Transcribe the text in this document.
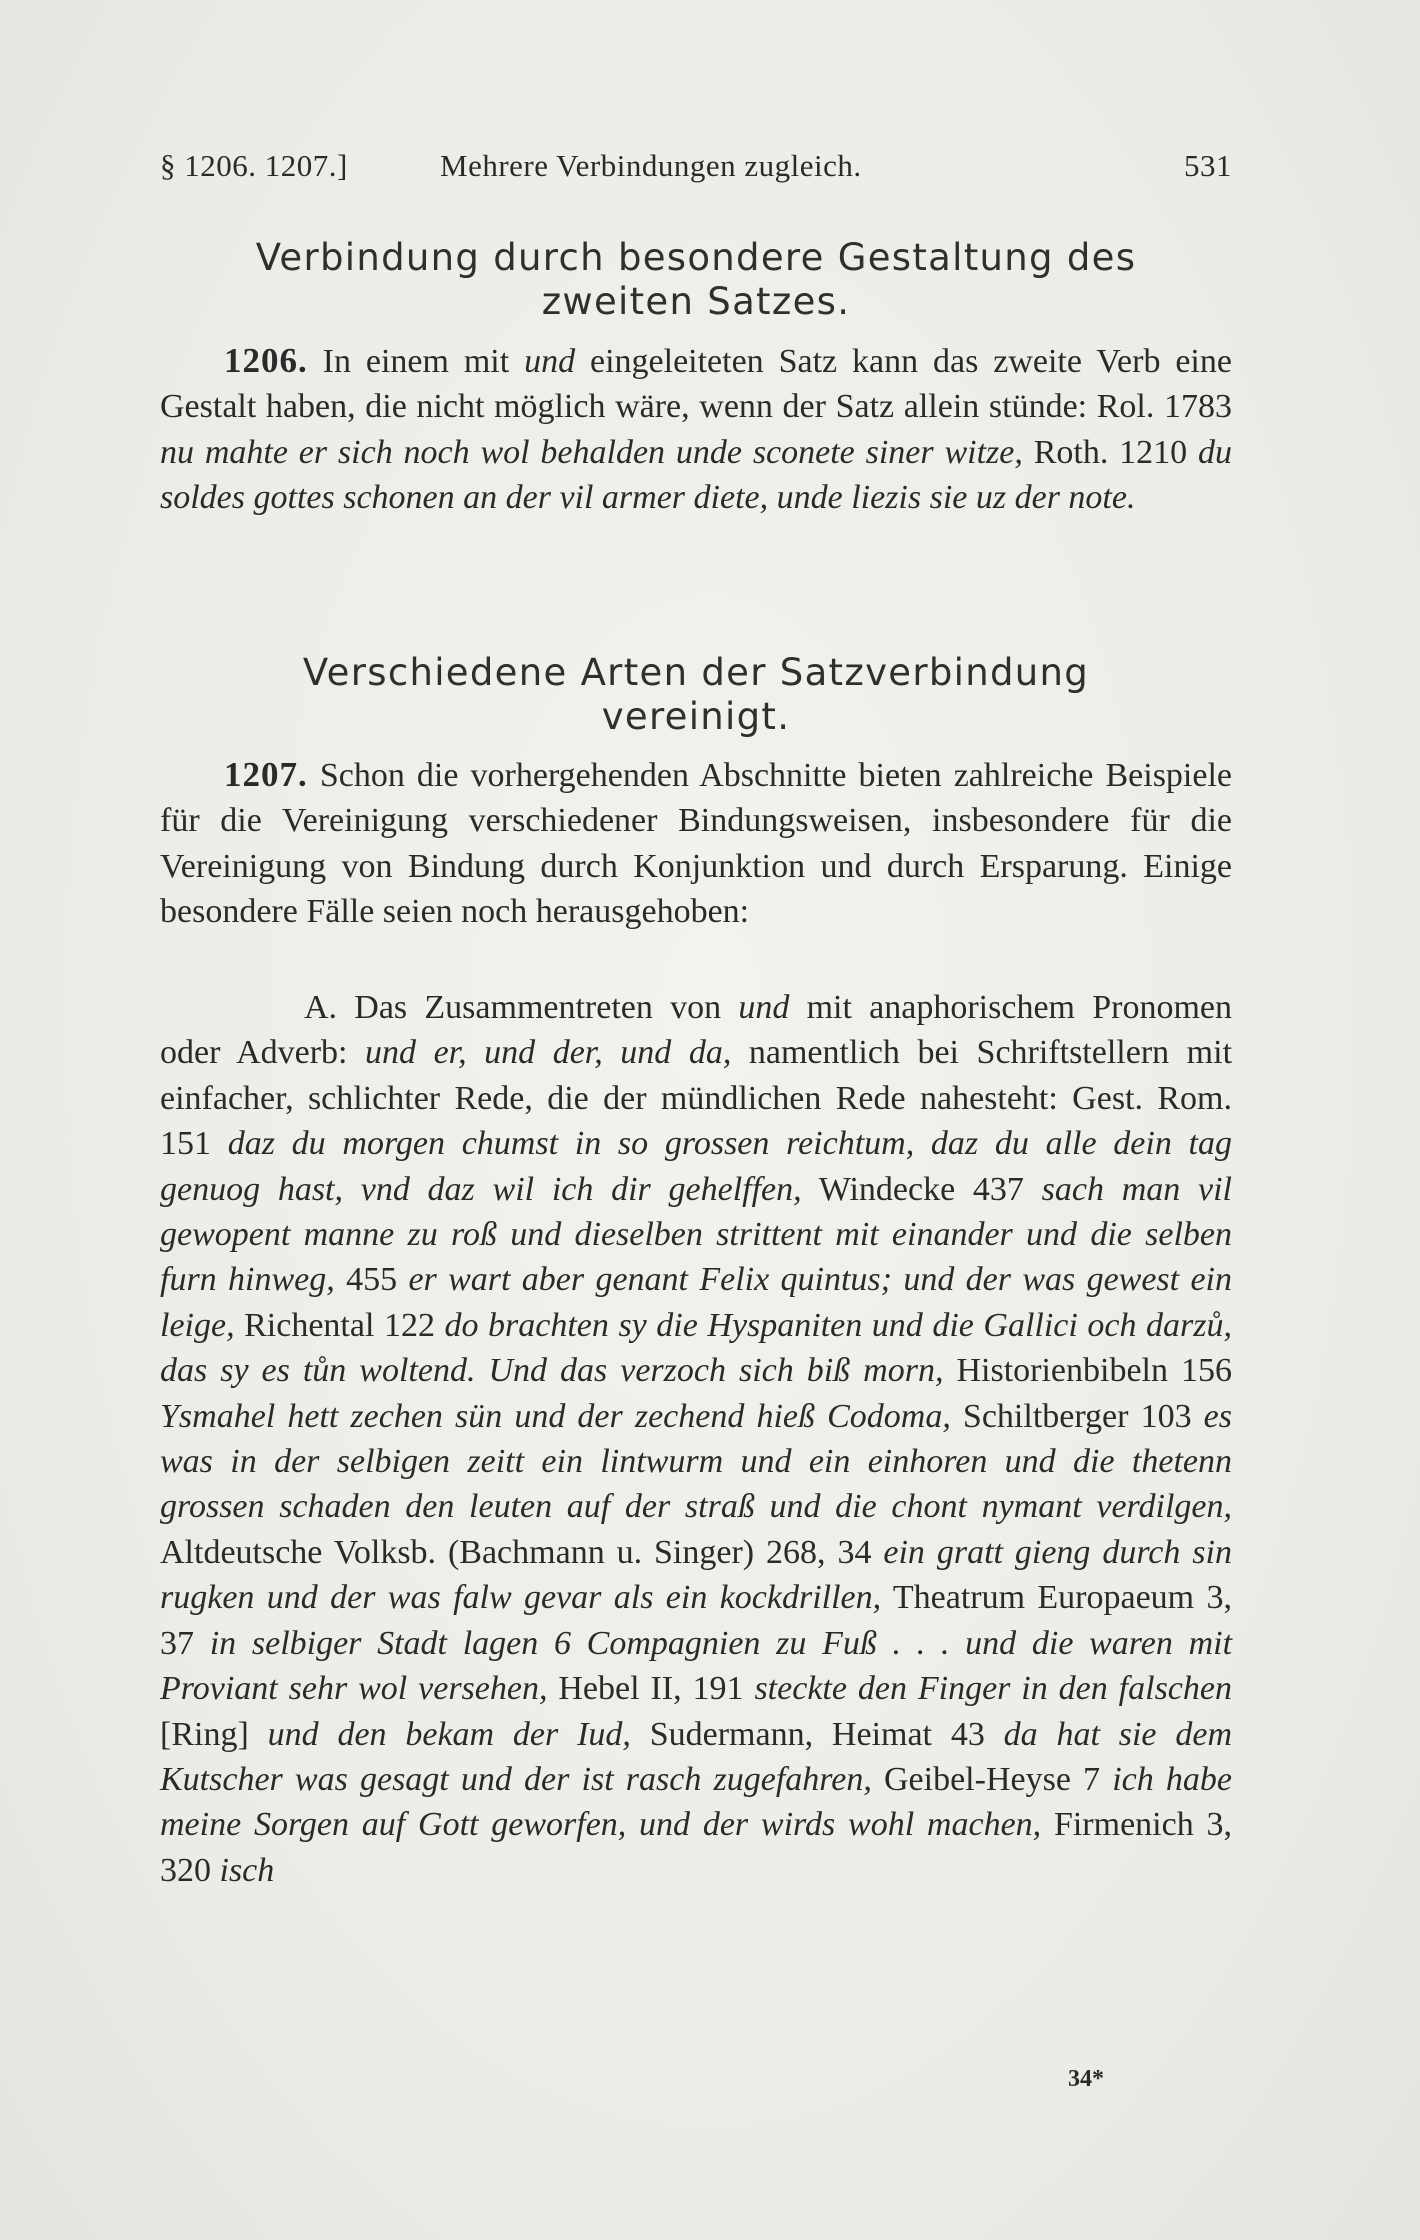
§ 1206. 1207.]	Mehrere Verbindungen zugleich.	531
Verbindung durch besondere Gestaltung des
zweiten Satzes.

1206. In einem mit und eingeleiteten Satz kann das zweite Verb eine Gestalt haben, die nicht möglich wäre, wenn der Satz allein stünde: Rol. 1783 nu mahte er sich noch wol behalden unde sconete siner witze, Roth. 1210 du soldes gottes schonen an der vil armer diete, unde liezis sie uz der note.

Verschiedene Arten der Satzverbindung
vereinigt.

1207. Schon die vorhergehenden Abschnitte bieten zahlreiche Beispiele für die Vereinigung verschiedener Bindungsweisen, insbesondere für die Vereinigung von Bindung durch Konjunktion und durch Ersparung. Einige besondere Fälle seien noch herausgehoben:

A. Das Zusammentreten von und mit anaphorischem Pronomen oder Adverb: und er, und der, und da, namentlich bei Schriftstellern mit einfacher, schlichter Rede, die der mündlichen Rede nahesteht: Gest. Rom. 151 daz du morgen chumst in so grossen reichtum, daz du alle dein tag genuog hast, vnd daz wil ich dir gehelffen, Windecke 437 sach man vil gewopent manne zu roß und dieselben strittent mit einander und die selben furn hinweg, 455 er wart aber genant Felix quintus; und der was gewest ein leige, Richental 122 do brachten sy die Hyspaniten und die Gallici och darzů, das sy es tůn woltend. Und das verzoch sich biß morn, Historienbibeln 156 Ysmahel hett zechen sün und der zechend hieß Codoma, Schiltberger 103 es was in der selbigen zeitt ein lintwurm und ein einhoren und die thetenn grossen schaden den leuten auf der straß und die chont nymant verdilgen, Altdeutsche Volksb. (Bachmann u. Singer) 268, 34 ein gratt gieng durch sin rugken und der was falw gevar als ein kockdrillen, Theatrum Europaeum 3, 37 in selbiger Stadt lagen 6 Compagnien zu Fuß . . . und die waren mit Proviant sehr wol versehen, Hebel II, 191 steckte den Finger in den falschen [Ring] und den bekam der Iud, Sudermann, Heimat 43 da hat sie dem Kutscher was gesagt und der ist rasch zugefahren, Geibel-Heyse 7 ich habe meine Sorgen auf Gott geworfen, und der wirds wohl machen, Firmenich 3, 320 isch

34*
